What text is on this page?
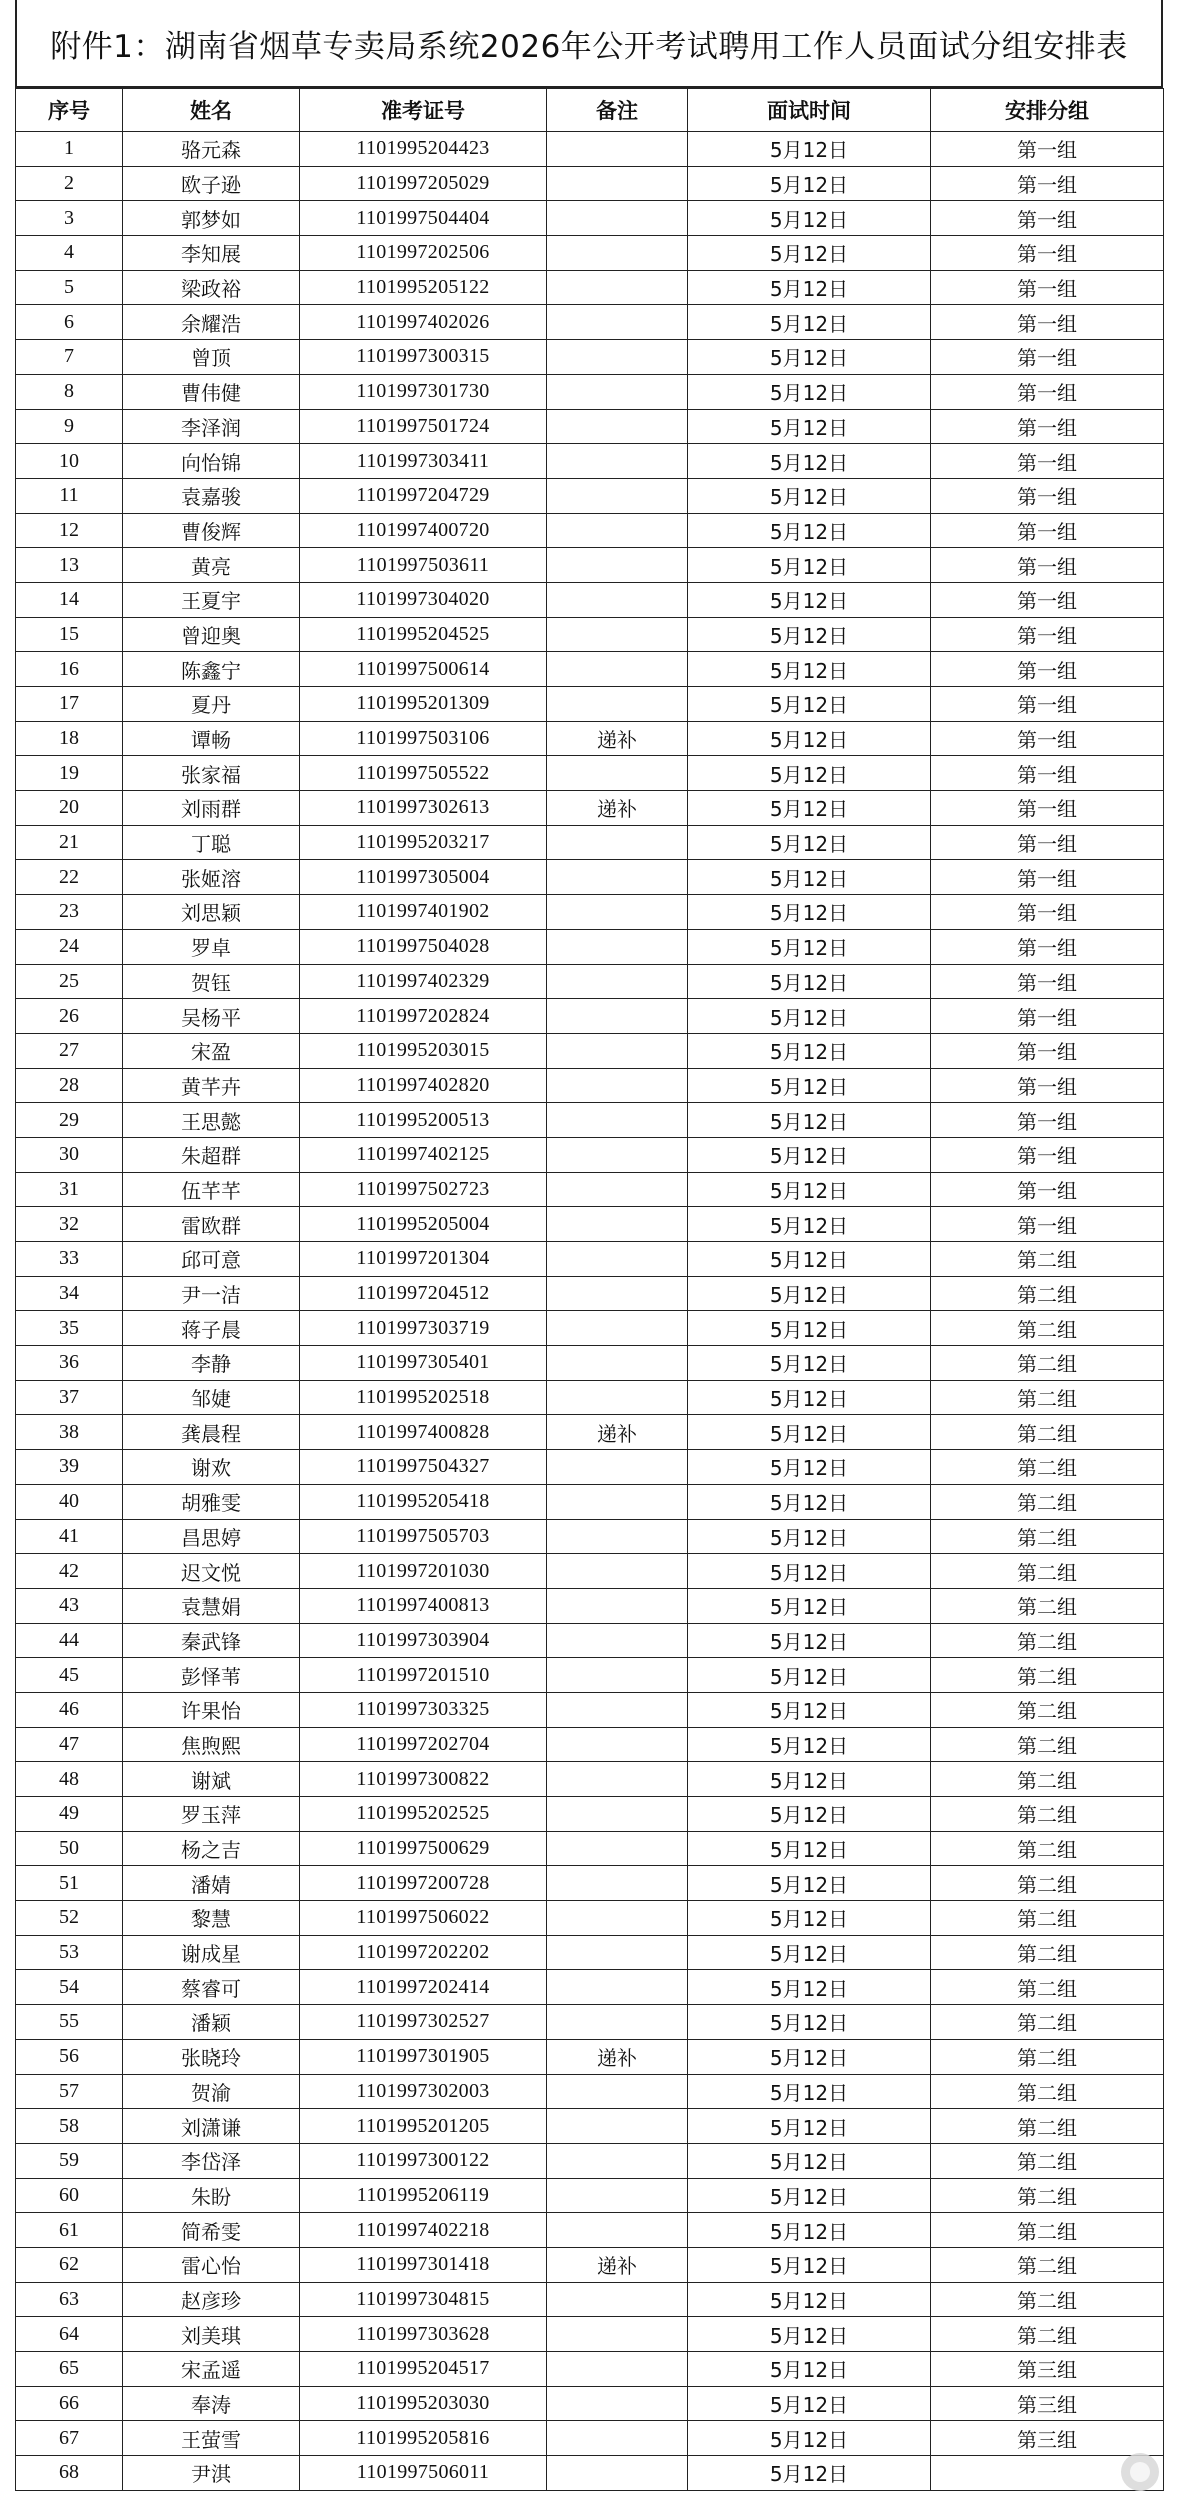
附件1：湖南省烟草专卖局系统2026年公开考试聘用工作人员面试分组安排表
序号	姓名	准考证号	备注	面试时间	安排分组
1	骆元森	1101995204423		5月12日	第一组
2	欧子逊	1101997205029		5月12日	第一组
3	郭梦如	1101997504404		5月12日	第一组
4	李知展	1101997202506		5月12日	第一组
5	梁政裕	1101995205122		5月12日	第一组
6	余耀浩	1101997402026		5月12日	第一组
7	曾顶	1101997300315		5月12日	第一组
8	曹伟健	1101997301730		5月12日	第一组
9	李泽润	1101997501724		5月12日	第一组
10	向怡锦	1101997303411		5月12日	第一组
11	袁嘉骏	1101997204729		5月12日	第一组
12	曹俊辉	1101997400720		5月12日	第一组
13	黄亮	1101997503611		5月12日	第一组
14	王夏宇	1101997304020		5月12日	第一组
15	曾迎奥	1101995204525		5月12日	第一组
16	陈鑫宁	1101997500614		5月12日	第一组
17	夏丹	1101995201309		5月12日	第一组
18	谭畅	1101997503106	递补	5月12日	第一组
19	张家福	1101997505522		5月12日	第一组
20	刘雨群	1101997302613	递补	5月12日	第一组
21	丁聪	1101995203217		5月12日	第一组
22	张姬溶	1101997305004		5月12日	第一组
23	刘思颖	1101997401902		5月12日	第一组
24	罗卓	1101997504028		5月12日	第一组
25	贺钰	1101997402329		5月12日	第一组
26	吴杨平	1101997202824		5月12日	第一组
27	宋盈	1101995203015		5月12日	第一组
28	黄芊卉	1101997402820		5月12日	第一组
29	王思懿	1101995200513		5月12日	第一组
30	朱超群	1101997402125		5月12日	第一组
31	伍芊芊	1101997502723		5月12日	第一组
32	雷欧群	1101995205004		5月12日	第一组
33	邱可意	1101997201304		5月12日	第二组
34	尹一洁	1101997204512		5月12日	第二组
35	蒋子晨	1101997303719		5月12日	第二组
36	李静	1101997305401		5月12日	第二组
37	邹婕	1101995202518		5月12日	第二组
38	龚晨程	1101997400828	递补	5月12日	第二组
39	谢欢	1101997504327		5月12日	第二组
40	胡雅雯	1101995205418		5月12日	第二组
41	昌思婷	1101997505703		5月12日	第二组
42	迟文悦	1101997201030		5月12日	第二组
43	袁慧娟	1101997400813		5月12日	第二组
44	秦武锋	1101997303904		5月12日	第二组
45	彭怿苇	1101997201510		5月12日	第二组
46	许果怡	1101997303325		5月12日	第二组
47	焦煦熙	1101997202704		5月12日	第二组
48	谢斌	1101997300822		5月12日	第二组
49	罗玉萍	1101995202525		5月12日	第二组
50	杨之吉	1101997500629		5月12日	第二组
51	潘婧	1101997200728		5月12日	第二组
52	黎慧	1101997506022		5月12日	第二组
53	谢成星	1101997202202		5月12日	第二组
54	蔡睿可	1101997202414		5月12日	第二组
55	潘颖	1101997302527		5月12日	第二组
56	张晓玲	1101997301905	递补	5月12日	第二组
57	贺渝	1101997302003		5月12日	第二组
58	刘潇谦	1101995201205		5月12日	第二组
59	李岱泽	1101997300122		5月12日	第二组
60	朱盼	1101995206119		5月12日	第二组
61	简希雯	1101997402218		5月12日	第二组
62	雷心怡	1101997301418	递补	5月12日	第二组
63	赵彦珍	1101997304815		5月12日	第二组
64	刘美琪	1101997303628		5月12日	第二组
65	宋孟遥	1101995204517		5月12日	第三组
66	奉涛	1101995203030		5月12日	第三组
67	王萤雪	1101995205816		5月12日	第三组
68	尹淇	1101997506011		5月12日	
